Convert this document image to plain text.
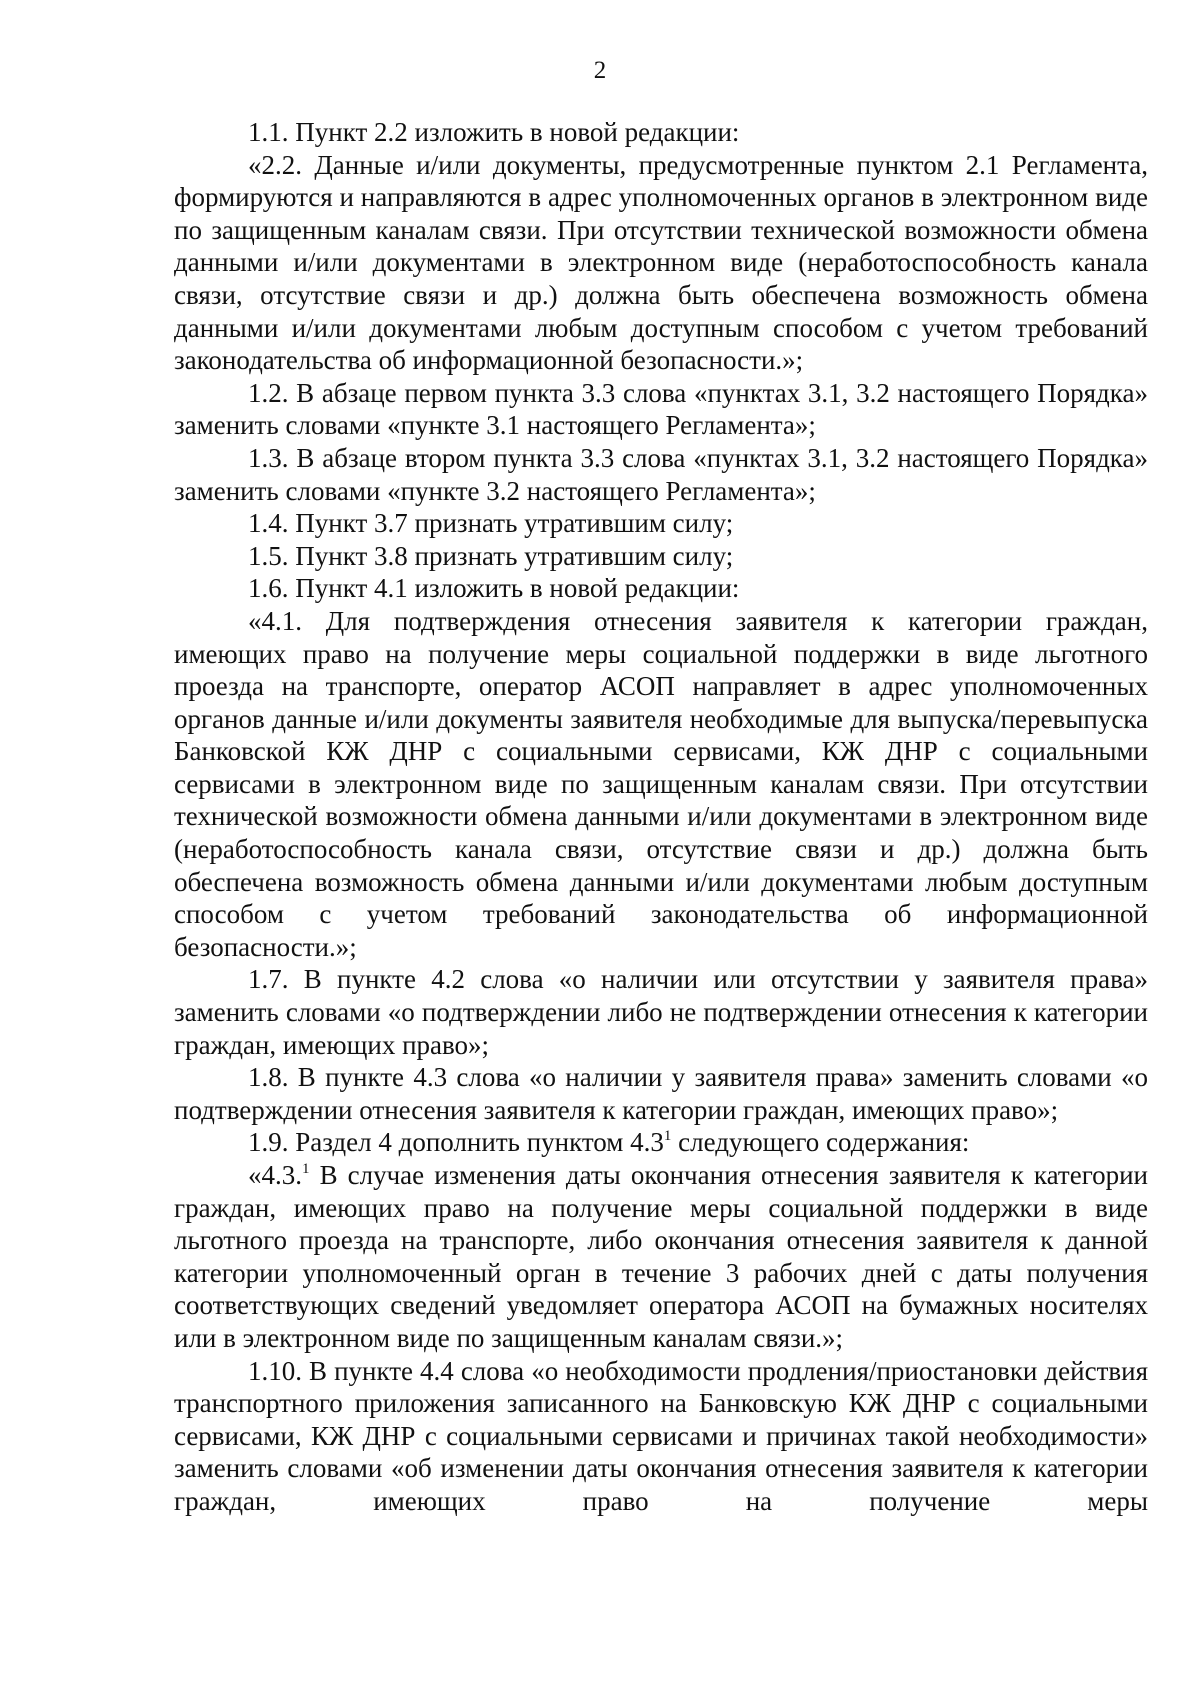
2

1.1. Пункт 2.2 изложить в новой редакции:

«2.2. Данные и/или документы, предусмотренные пунктом 2.1 Регламента, формируются и направляются в адрес уполномоченных органов в электронном виде по защищенным каналам связи. При отсутствии технической возможности обмена данными и/или документами в электронном виде (неработоспособность канала связи, отсутствие связи и др.) должна быть обеспечена возможность обмена данными и/или документами любым доступным способом с учетом требований законодательства об информационной безопасности.»;

1.2. В абзаце первом пункта 3.3 слова «пунктах 3.1, 3.2 настоящего Порядка» заменить словами «пункте 3.1 настоящего Регламента»;

1.3. В абзаце втором пункта 3.3 слова «пунктах 3.1, 3.2 настоящего Порядка» заменить словами «пункте 3.2 настоящего Регламента»;

1.4. Пункт 3.7 признать утратившим силу;

1.5. Пункт 3.8 признать утратившим силу;

1.6. Пункт 4.1 изложить в новой редакции:

«4.1. Для подтверждения отнесения заявителя к категории граждан, имеющих право на получение меры социальной поддержки в виде льготного проезда на транспорте, оператор АСОП направляет в адрес уполномоченных органов данные и/или документы заявителя необходимые для выпуска/перевыпуска Банковской КЖ ДНР с социальными сервисами, КЖ ДНР с социальными сервисами в электронном виде по защищенным каналам связи. При отсутствии технической возможности обмена данными и/или документами в электронном виде (неработоспособность канала связи, отсутствие связи и др.) должна быть обеспечена возможность обмена данными и/или документами любым доступным способом с учетом требований законодательства об информационной безопасности.»;

1.7. В пункте 4.2 слова «о наличии или отсутствии у заявителя права» заменить словами «о подтверждении либо не подтверждении отнесения к категории граждан, имеющих право»;

1.8. В пункте 4.3 слова «о наличии у заявителя права» заменить словами «о подтверждении отнесения заявителя к категории граждан, имеющих право»;

1.9. Раздел 4 дополнить пунктом $4.3^1$ следующего содержания:

«4.3.$^1$ В случае изменения даты окончания отнесения заявителя к категории граждан, имеющих право на получение меры социальной поддержки в виде льготного проезда на транспорте, либо окончания отнесения заявителя к данной категории уполномоченный орган в течение 3 рабочих дней с даты получения соответствующих сведений уведомляет оператора АСОП на бумажных носителях или в электронном виде по защищенным каналам связи.»;

1.10. В пункте 4.4 слова «о необходимости продления/приостановки действия транспортного приложения записанного на Банковскую КЖ ДНР с социальными сервисами, КЖ ДНР с социальными сервисами и причинах такой необходимости» заменить словами «об изменении даты окончания отнесения заявителя к категории граждан, имеющих право на получение меры
